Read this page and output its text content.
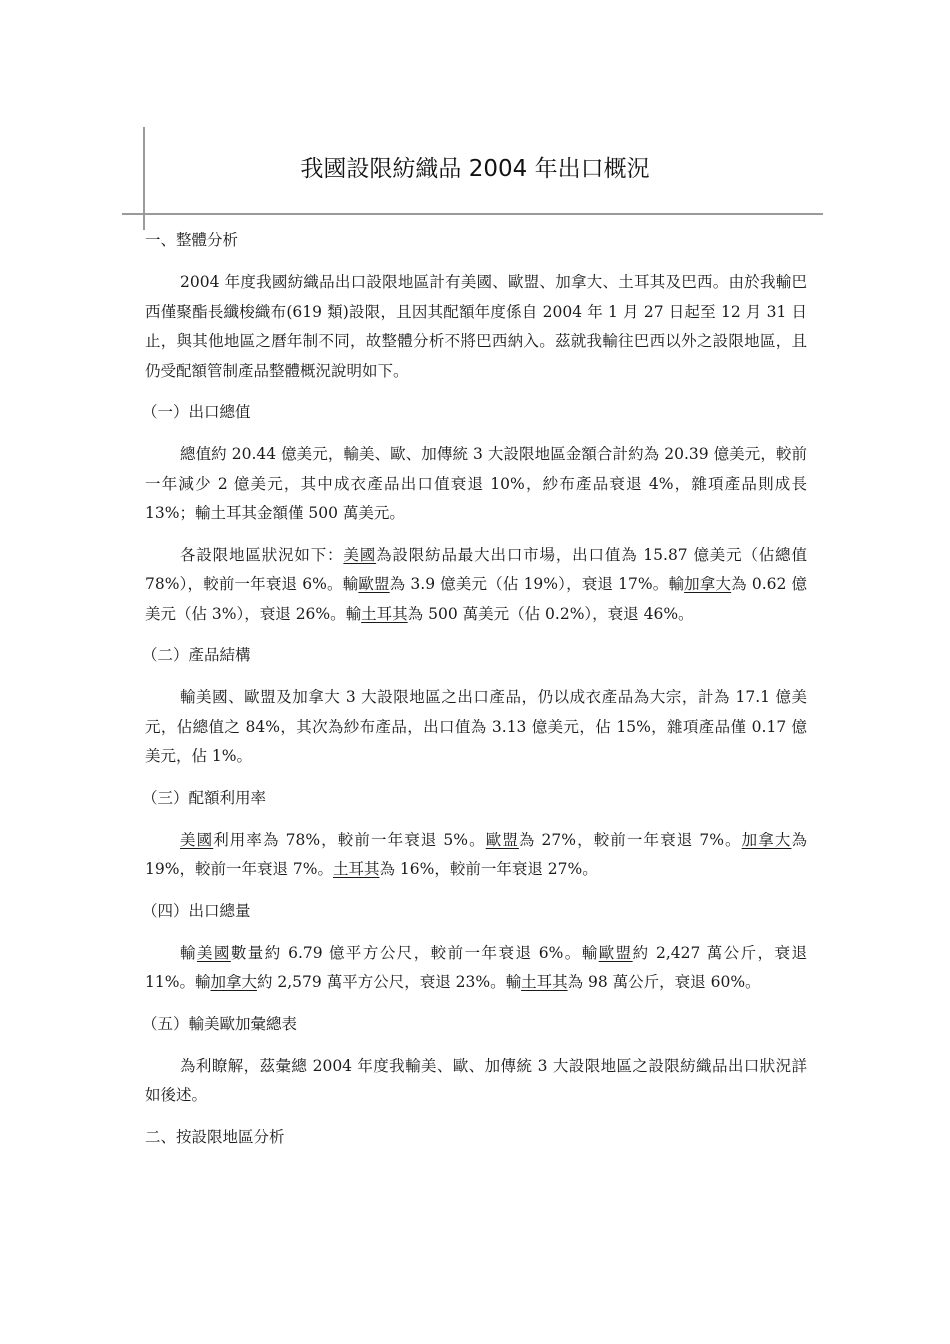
我國設限紡織品 2004 年出口概況

一、整體分析

2004 年度我國紡織品出口設限地區計有美國、歐盟、加拿大、土耳其及巴西。由於我輸巴西僅聚酯長纖梭織布(619 類)設限，且因其配額年度係自 2004 年 1 月 27 日起至 12 月 31 日止，與其他地區之曆年制不同，故整體分析不將巴西納入。茲就我輸往巴西以外之設限地區，且仍受配額管制產品整體概況說明如下。

（一）出口總值

總值約 20.44 億美元，輸美、歐、加傳統 3 大設限地區金額合計約為 20.39 億美元，較前一年減少 2 億美元，其中成衣產品出口值衰退 10%，紗布產品衰退 4%，雜項產品則成長 13%；輸土耳其金額僅 500 萬美元。

各設限地區狀況如下：美國為設限紡品最大出口市場，出口值為 15.87 億美元（佔總值 78%），較前一年衰退 6%。輸歐盟為 3.9 億美元（佔 19%），衰退 17%。輸加拿大為 0.62 億美元（佔 3%），衰退 26%。輸土耳其為 500 萬美元（佔 0.2%），衰退 46%。

（二）產品結構

輸美國、歐盟及加拿大 3 大設限地區之出口產品，仍以成衣產品為大宗，計為 17.1 億美元，佔總值之 84%，其次為紗布產品，出口值為 3.13 億美元，佔 15%，雜項產品僅 0.17 億美元，佔 1%。

（三）配額利用率

美國利用率為 78%，較前一年衰退 5%。歐盟為 27%，較前一年衰退 7%。加拿大為 19%，較前一年衰退 7%。土耳其為 16%，較前一年衰退 27%。

（四）出口總量

輸美國數量約 6.79 億平方公尺，較前一年衰退 6%。輸歐盟約 2,427 萬公斤，衰退 11%。輸加拿大約 2,579 萬平方公尺，衰退 23%。輸土耳其為 98 萬公斤，衰退 60%。

（五）輸美歐加彙總表

為利瞭解，茲彙總 2004 年度我輸美、歐、加傳統 3 大設限地區之設限紡織品出口狀況詳如後述。

二、按設限地區分析
